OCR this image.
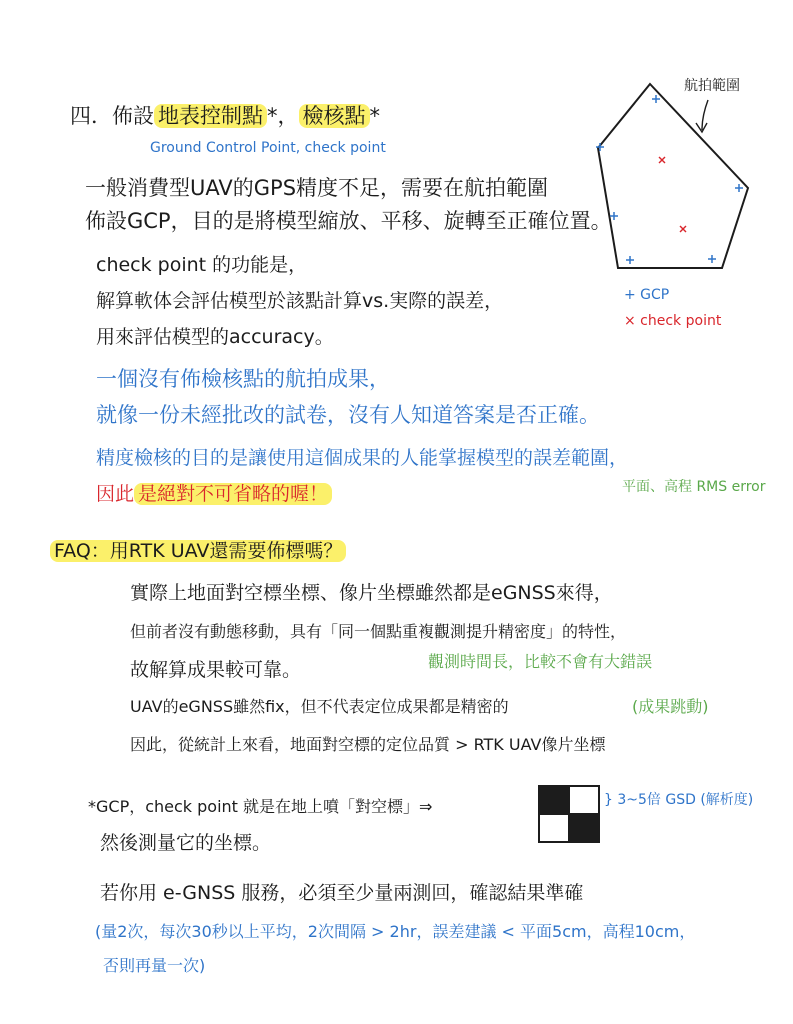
四．佈設 地表控制點 *， 檢核點 *
Ground Control Point, check point
一般消費型UAV的GPS精度不足，需要在航拍範圍
佈設GCP，目的是將模型縮放、平移、旋轉至正確位置。
check point 的功能是，
解算軟体会評估模型於該點計算vs.実際的誤差，
用來評估模型的accuracy。
一個沒有佈檢核點的航拍成果，
就像一份未經批改的試卷，沒有人知道答案是否正確。
精度檢核的目的是讓使用這個成果的人能掌握模型的誤差範圍，
因此 是絕對不可省略的喔！	平面、高程 RMS error
FAQ：用RTK UAV還需要佈標嗎？
實際上地面對空標坐標、像片坐標雖然都是eGNSS來得，
但前者沒有動態移動，具有「同一個點重複觀測提升精密度」的特性，
故解算成果較可靠。	觀測時間長，比較不會有大錯誤
UAV的eGNSS雖然fix，但不代表定位成果都是精密的	(成果跳動)
因此，從統計上來看，地面對空標的定位品質 > RTK UAV像片坐標
*GCP，check point 就是在地上噴「對空標」⇒
然後測量它的坐標。
} 3~5倍 GSD (解析度)
若你用 e-GNSS 服務，必須至少量兩測回，確認結果準確
(量2次，每次30秒以上平均，2次間隔 > 2hr，誤差建議 < 平面5cm，高程10cm，
否則再量一次)
航拍範圍
+ GCP
× check point
